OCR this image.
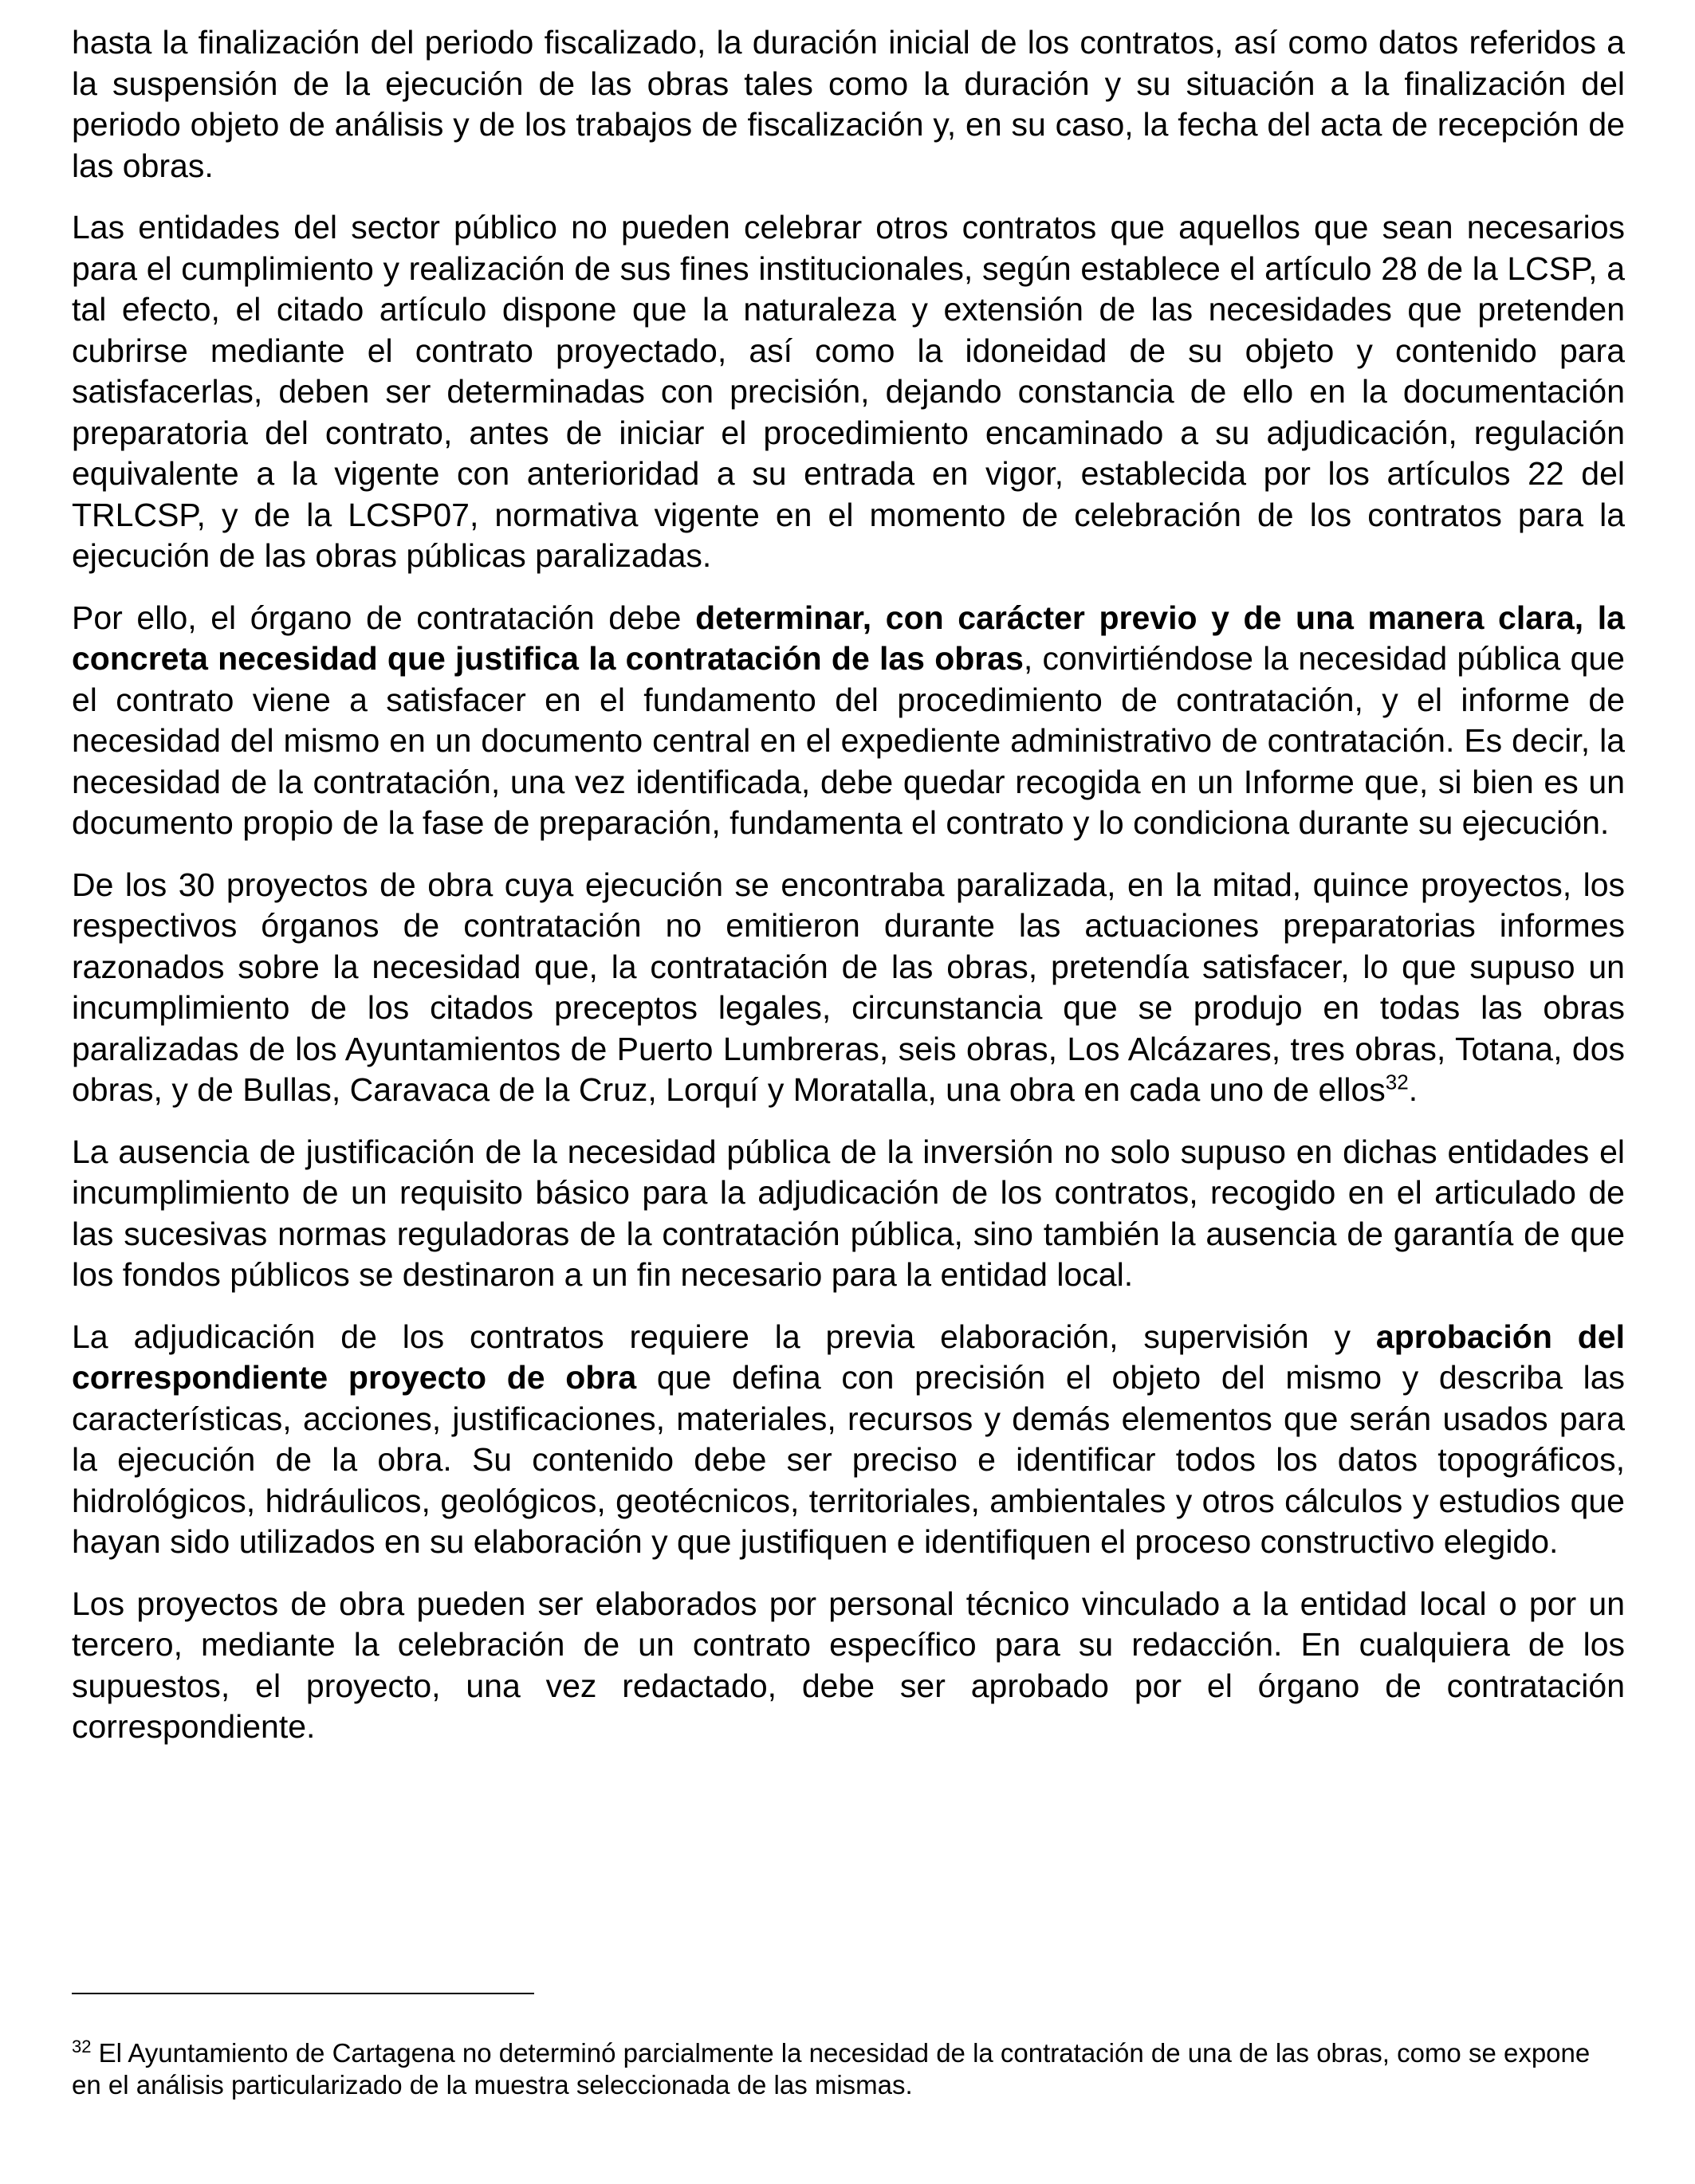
hasta la finalización del periodo fiscalizado, la duración inicial de los contratos, así como datos referidos a la suspensión de la ejecución de las obras tales como la duración y su situación a la finalización del periodo objeto de análisis y de los trabajos de fiscalización y, en su caso, la fecha del acta de recepción de las obras.

Las entidades del sector público no pueden celebrar otros contratos que aquellos que sean necesarios para el cumplimiento y realización de sus fines institucionales, según establece el artículo 28 de la LCSP, a tal efecto, el citado artículo dispone que la naturaleza y extensión de las necesidades que pretenden cubrirse mediante el contrato proyectado, así como la idoneidad de su objeto y contenido para satisfacerlas, deben ser determinadas con precisión, dejando constancia de ello en la documentación preparatoria del contrato, antes de iniciar el procedimiento encaminado a su adjudicación, regulación equivalente a la vigente con anterioridad a su entrada en vigor, establecida por los artículos 22 del TRLCSP, y de la LCSP07, normativa vigente en el momento de celebración de los contratos para la ejecución de las obras públicas paralizadas.

Por ello, el órgano de contratación debe determinar, con carácter previo y de una manera clara, la concreta necesidad que justifica la contratación de las obras, convirtiéndose la necesidad pública que el contrato viene a satisfacer en el fundamento del procedimiento de contratación, y el informe de necesidad del mismo en un documento central en el expediente administrativo de contratación. Es decir, la necesidad de la contratación, una vez identificada, debe quedar recogida en un Informe que, si bien es un documento propio de la fase de preparación, fundamenta el contrato y lo condiciona durante su ejecución.

De los 30 proyectos de obra cuya ejecución se encontraba paralizada, en la mitad, quince proyectos, los respectivos órganos de contratación no emitieron durante las actuaciones preparatorias informes razonados sobre la necesidad que, la contratación de las obras, pretendía satisfacer, lo que supuso un incumplimiento de los citados preceptos legales, circunstancia que se produjo en todas las obras paralizadas de los Ayuntamientos de Puerto Lumbreras, seis obras, Los Alcázares, tres obras, Totana, dos obras, y de Bullas, Caravaca de la Cruz, Lorquí y Moratalla, una obra en cada uno de ellos$^{32}$.

La ausencia de justificación de la necesidad pública de la inversión no solo supuso en dichas entidades el incumplimiento de un requisito básico para la adjudicación de los contratos, recogido en el articulado de las sucesivas normas reguladoras de la contratación pública, sino también la ausencia de garantía de que los fondos públicos se destinaron a un fin necesario para la entidad local.

La adjudicación de los contratos requiere la previa elaboración, supervisión y aprobación del correspondiente proyecto de obra que defina con precisión el objeto del mismo y describa las características, acciones, justificaciones, materiales, recursos y demás elementos que serán usados para la ejecución de la obra. Su contenido debe ser preciso e identificar todos los datos topográficos, hidrológicos, hidráulicos, geológicos, geotécnicos, territoriales, ambientales y otros cálculos y estudios que hayan sido utilizados en su elaboración y que justifiquen e identifiquen el proceso constructivo elegido.

Los proyectos de obra pueden ser elaborados por personal técnico vinculado a la entidad local o por un tercero, mediante la celebración de un contrato específico para su redacción. En cualquiera de los supuestos, el proyecto, una vez redactado, debe ser aprobado por el órgano de contratación correspondiente.

$^{32}$ El Ayuntamiento de Cartagena no determinó parcialmente la necesidad de la contratación de una de las obras, como se expone en el análisis particularizado de la muestra seleccionada de las mismas.
